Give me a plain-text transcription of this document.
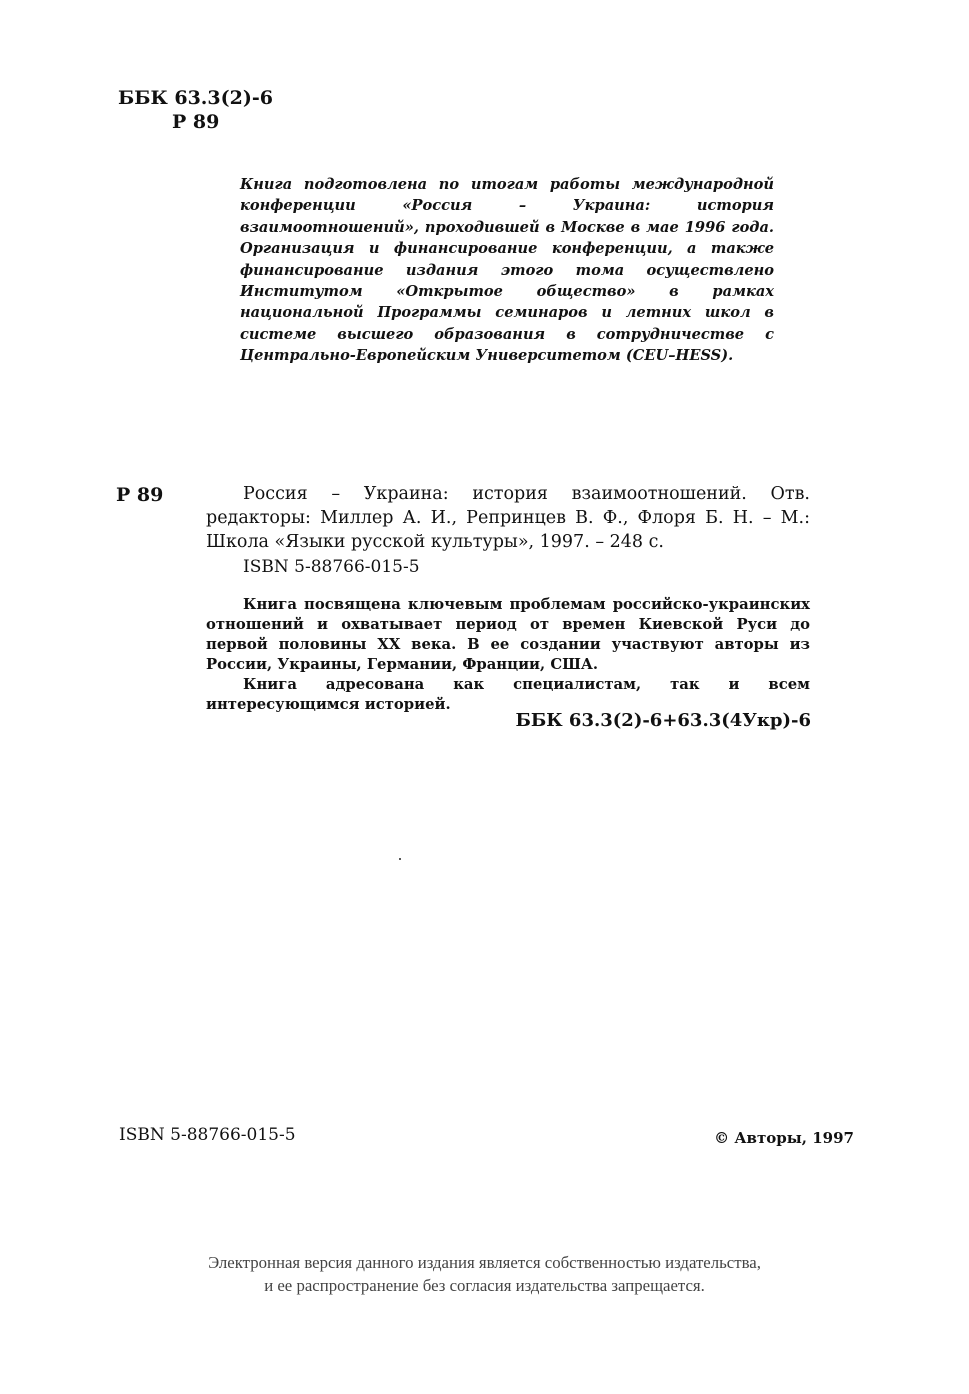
ББК 63.3(2)-6
Р 89

Книга подготовлена по итогам работы международной конференции «Россия – Украина: история взаимоотношений», проходившей в Москве в мае 1996 года. Организация и финансирование конференции, а также финансирование издания этого тома осуществлено Институтом «Открытое общество» в рамках национальной Программы семинаров и летних школ в системе высшего образования в сотрудничестве с Центрально-Европейским Университетом (CEU–HESS).

Р 89	Россия – Украина: история взаимоотношений. Отв. редакторы: Миллер А. И., Репринцев В. Ф., Флоря Б. Н. – М.: Школа «Языки русской культуры», 1997. – 248 с.

ISBN 5-88766-015-5

Книга посвящена ключевым проблемам российско-украинских отношений и охватывает период от времен Киевской Руси до первой половины XX века. В ее создании участвуют авторы из России, Украины, Германии, Франции, США.

Книга адресована как специалистам, так и всем интересующимся историей.

ББК 63.3(2)-6+63.3(4Укр)-6
ISBN 5-88766-015-5	© Авторы, 1997
Электронная версия данного издания является собственностью издательства,
и ее распространение без согласия издательства запрещается.
